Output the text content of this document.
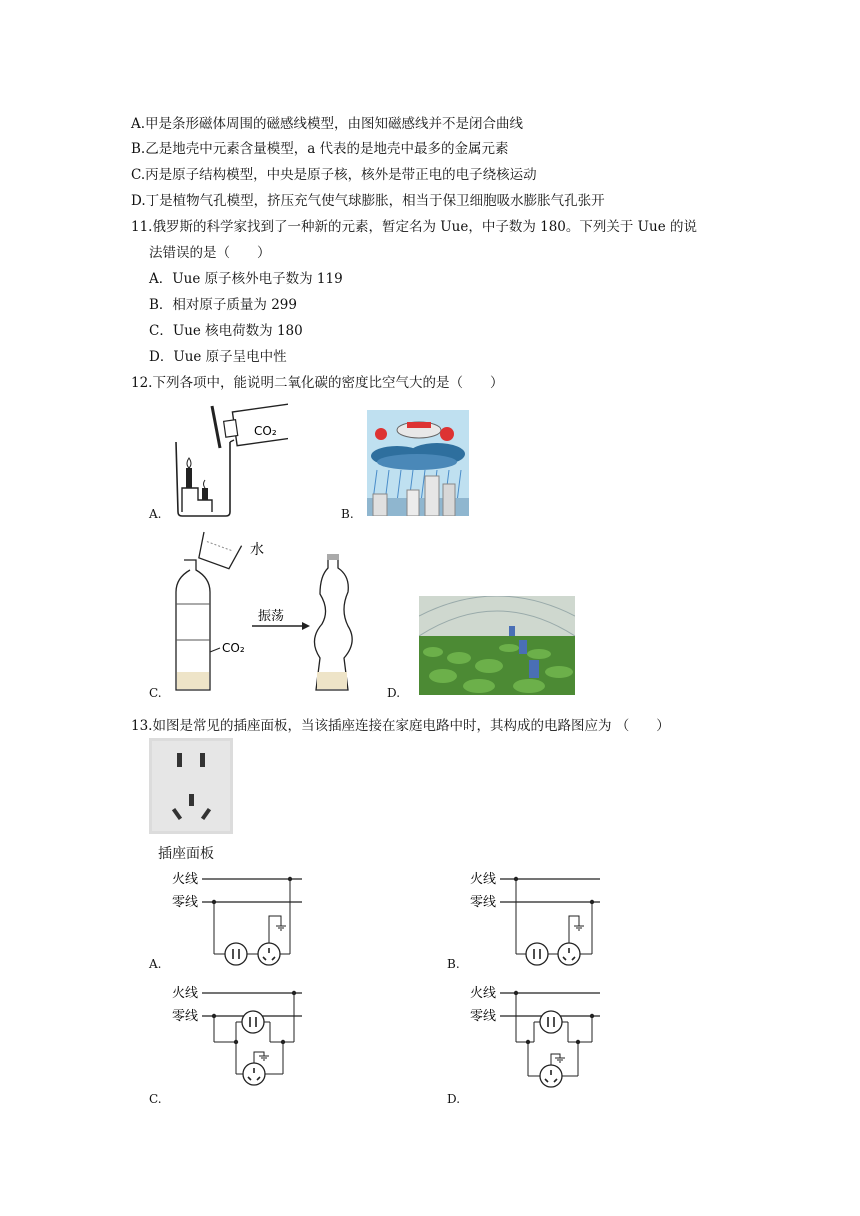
A.甲是条形磁体周围的磁感线模型，由图知磁感线并不是闭合曲线
B.乙是地壳中元素含量模型，a 代表的是地壳中最多的金属元素
C.丙是原子结构模型，中央是原子核，核外是带正电的电子绕核运动
D.丁是植物气孔模型，挤压充气使气球膨胀，相当于保卫细胞吸水膨胀气孔张开
11.俄罗斯的科学家找到了一种新的元素，暂定名为 Uue，中子数为 180。下列关于 Uue 的说
法错误的是（　　）
A．Uue 原子核外电子数为 119
B．相对原子质量为 299
C．Uue 核电荷数为 180
D．Uue 原子呈电中性
12.下列各项中，能说明二氧化碳的密度比空气大的是（　　）
CO₂
A.	B.
水
CO₂
振荡
C.	D.
13.如图是常见的插座面板，当该插座连接在家庭电路中时，其构成的电路图应为 （　　）
插座面板
火线
零线
火线
零线
火线
零线
火线
零线
A.	B.
C.	D.
